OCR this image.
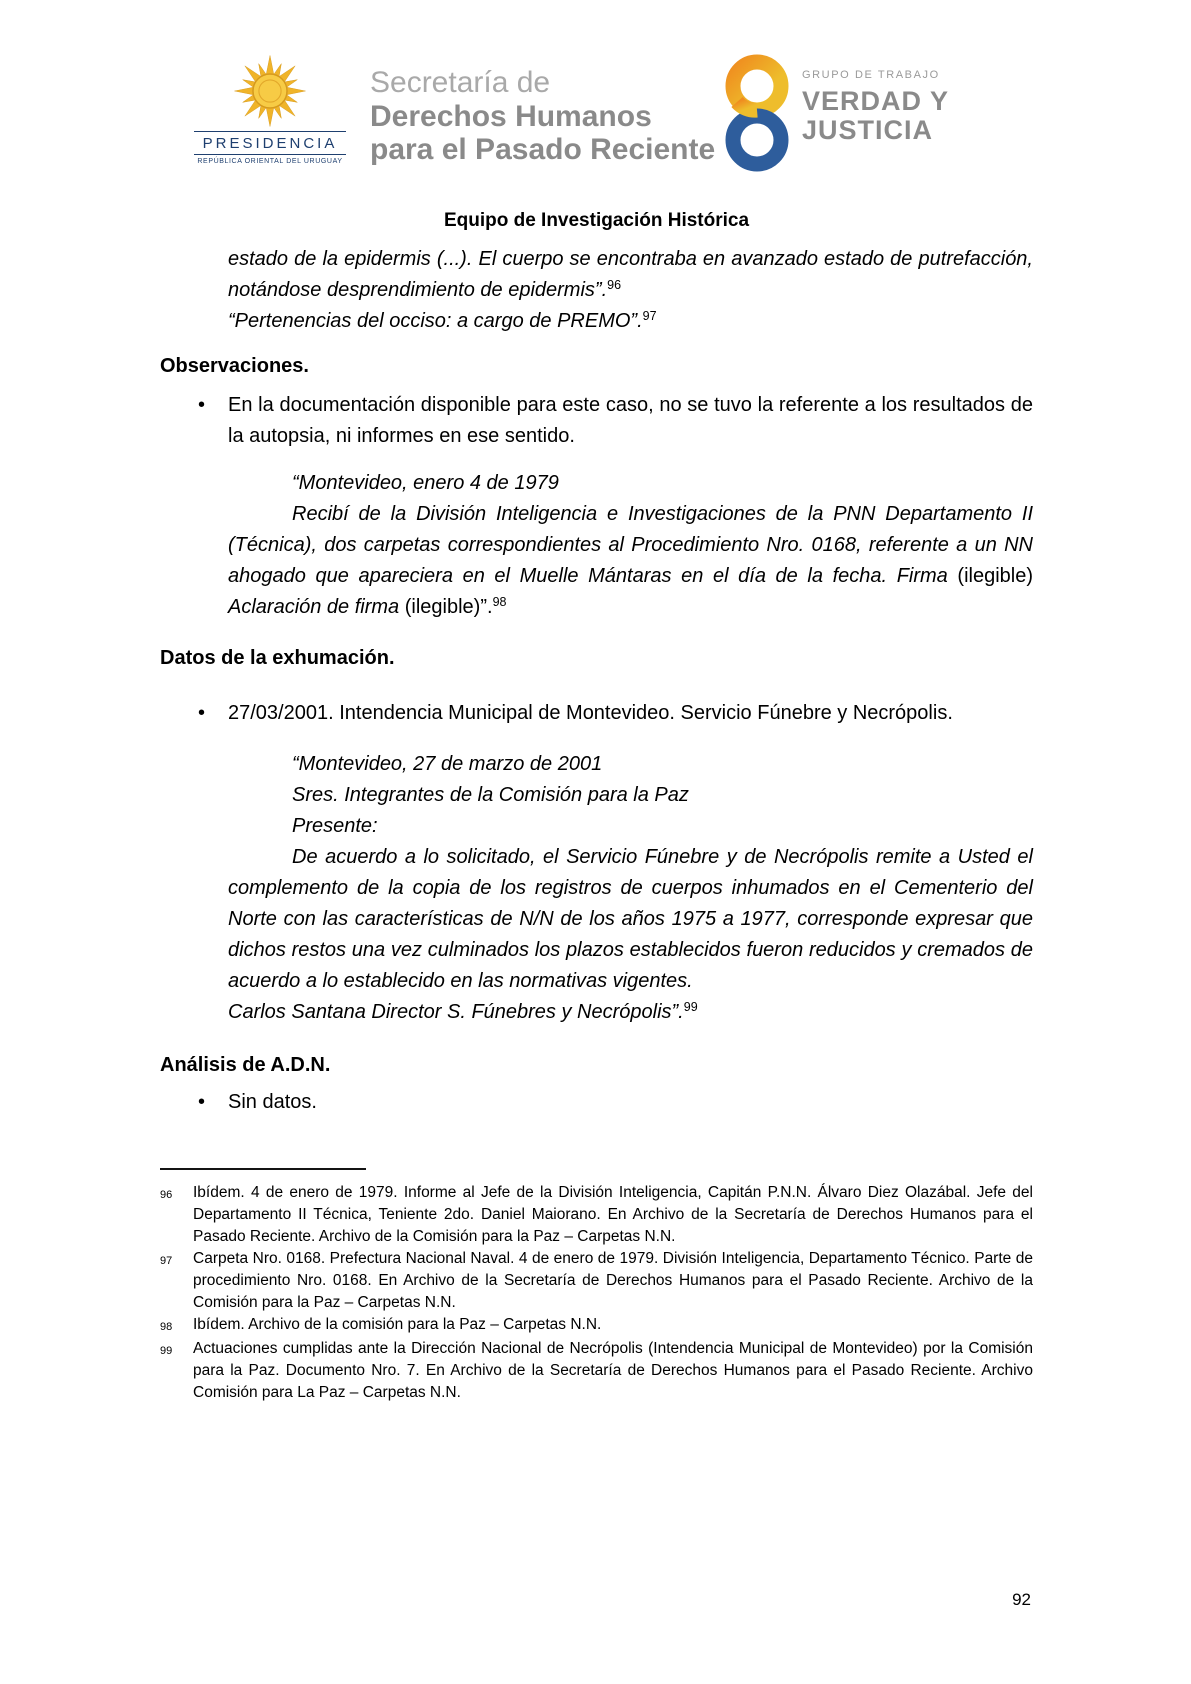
PRESIDENCIA
REPÚBLICA ORIENTAL DEL URUGUAY
Secretaría de
Derechos Humanos
para el Pasado Reciente
GRUPO DE TRABAJO
VERDAD Y
JUSTICIA
Equipo de Investigación Histórica
estado de la epidermis (...). El cuerpo se encontraba en avanzado estado de putrefacción, notándose desprendimiento de epidermis”.$^{96}$
“Pertenencias del occiso: a cargo de PREMO”.$^{97}$
Observaciones.
• En la documentación disponible para este caso, no se tuvo la referente a los resultados de la autopsia, ni informes en ese sentido.
“Montevideo, enero 4 de 1979
Recibí de la División Inteligencia e Investigaciones de la PNN Departamento II (Técnica), dos carpetas correspondientes al Procedimiento Nro. 0168, referente a un NN ahogado que apareciera en el Muelle Mántaras en el día de la fecha. Firma (ilegible) Aclaración de firma (ilegible)”.$^{98}$
Datos de la exhumación.
• 27/03/2001. Intendencia Municipal de Montevideo. Servicio Fúnebre y Necrópolis.
“Montevideo, 27 de marzo de 2001
Sres. Integrantes de la Comisión para la Paz
Presente:
De acuerdo a lo solicitado, el Servicio Fúnebre y de Necrópolis remite a Usted el complemento de la copia de los registros de cuerpos inhumados en el Cementerio del Norte con las características de N/N de los años 1975 a 1977, corresponde expresar que dichos restos una vez culminados los plazos establecidos fueron reducidos y cremados de acuerdo a lo establecido en las normativas vigentes.
Carlos Santana Director S. Fúnebres y Necrópolis”.$^{99}$
Análisis de A.D.N.
• Sin datos.
96	Ibídem. 4 de enero de 1979. Informe al Jefe de la División Inteligencia, Capitán P.N.N. Álvaro Diez Olazábal. Jefe del Departamento II Técnica, Teniente 2do. Daniel Maiorano. En Archivo de la Secretaría de Derechos Humanos para el Pasado Reciente. Archivo de la Comisión para la Paz – Carpetas N.N.
97	Carpeta Nro. 0168. Prefectura Nacional Naval. 4 de enero de 1979. División Inteligencia, Departamento Técnico. Parte de procedimiento Nro. 0168. En Archivo de la Secretaría de Derechos Humanos para el Pasado Reciente. Archivo de la Comisión para la Paz – Carpetas N.N.
98	Ibídem. Archivo de la comisión para la Paz – Carpetas N.N.
99	Actuaciones cumplidas ante la Dirección Nacional de Necrópolis (Intendencia Municipal de Montevideo) por la Comisión para la Paz. Documento Nro. 7. En Archivo de la Secretaría de Derechos Humanos para el Pasado Reciente. Archivo Comisión para La Paz – Carpetas N.N.
92
